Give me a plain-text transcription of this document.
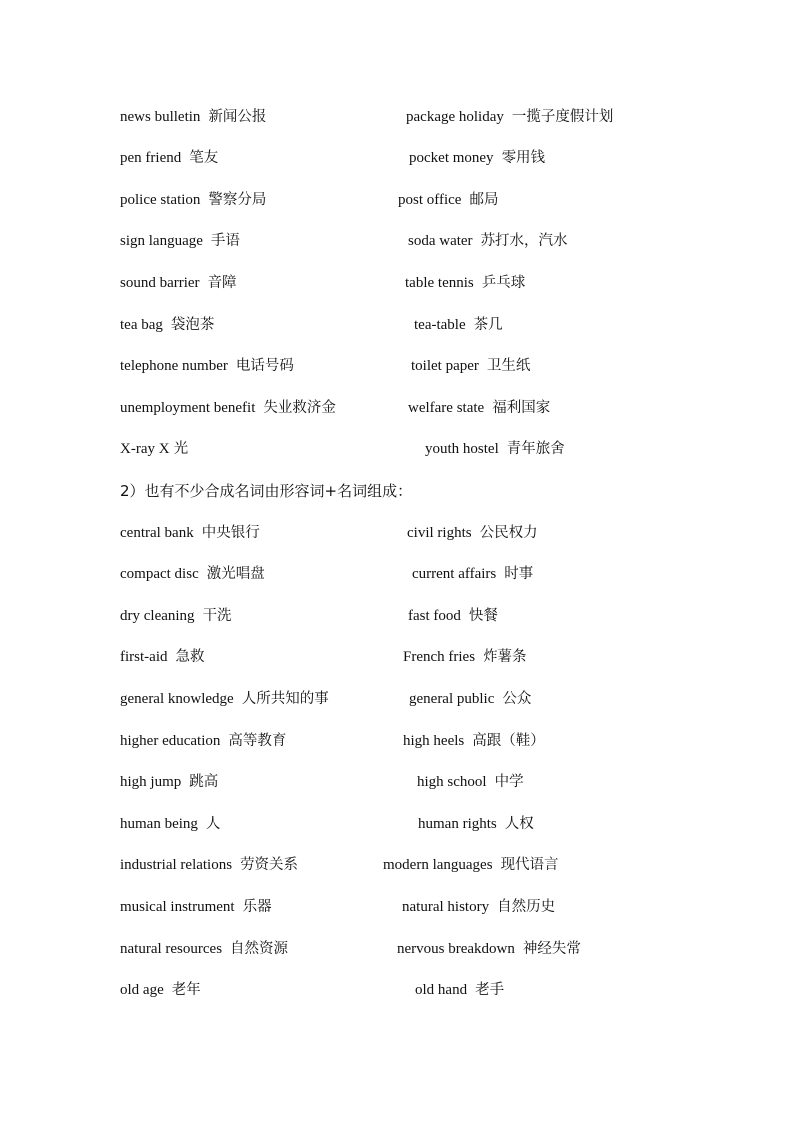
news bulletin 新闻公报	package holiday 一揽子度假计划
pen friend 笔友	pocket money 零用钱
police station 警察分局	post office 邮局
sign language 手语	soda water 苏打水，汽水
sound barrier 音障	table tennis 乒乓球
tea bag 袋泡茶	tea-table 茶几
telephone number 电话号码	toilet paper 卫生纸
unemployment benefit 失业救济金	welfare state 福利国家
X-ray X 光	youth hostel 青年旅舍
2）也有不少合成名词由形容词+名词组成：
central bank 中央银行	civil rights 公民权力
compact disc 激光唱盘	current affairs 时事
dry cleaning 干洗	fast food 快餐
first-aid 急救	French fries 炸薯条
general knowledge 人所共知的事	general public 公众
higher education 高等教育	high heels 高跟（鞋）
high jump 跳高	high school 中学
human being 人	human rights 人权
industrial relations 劳资关系	modern languages 现代语言
musical instrument 乐器	natural history 自然历史
natural resources 自然资源	nervous breakdown 神经失常
old age 老年	old hand 老手
